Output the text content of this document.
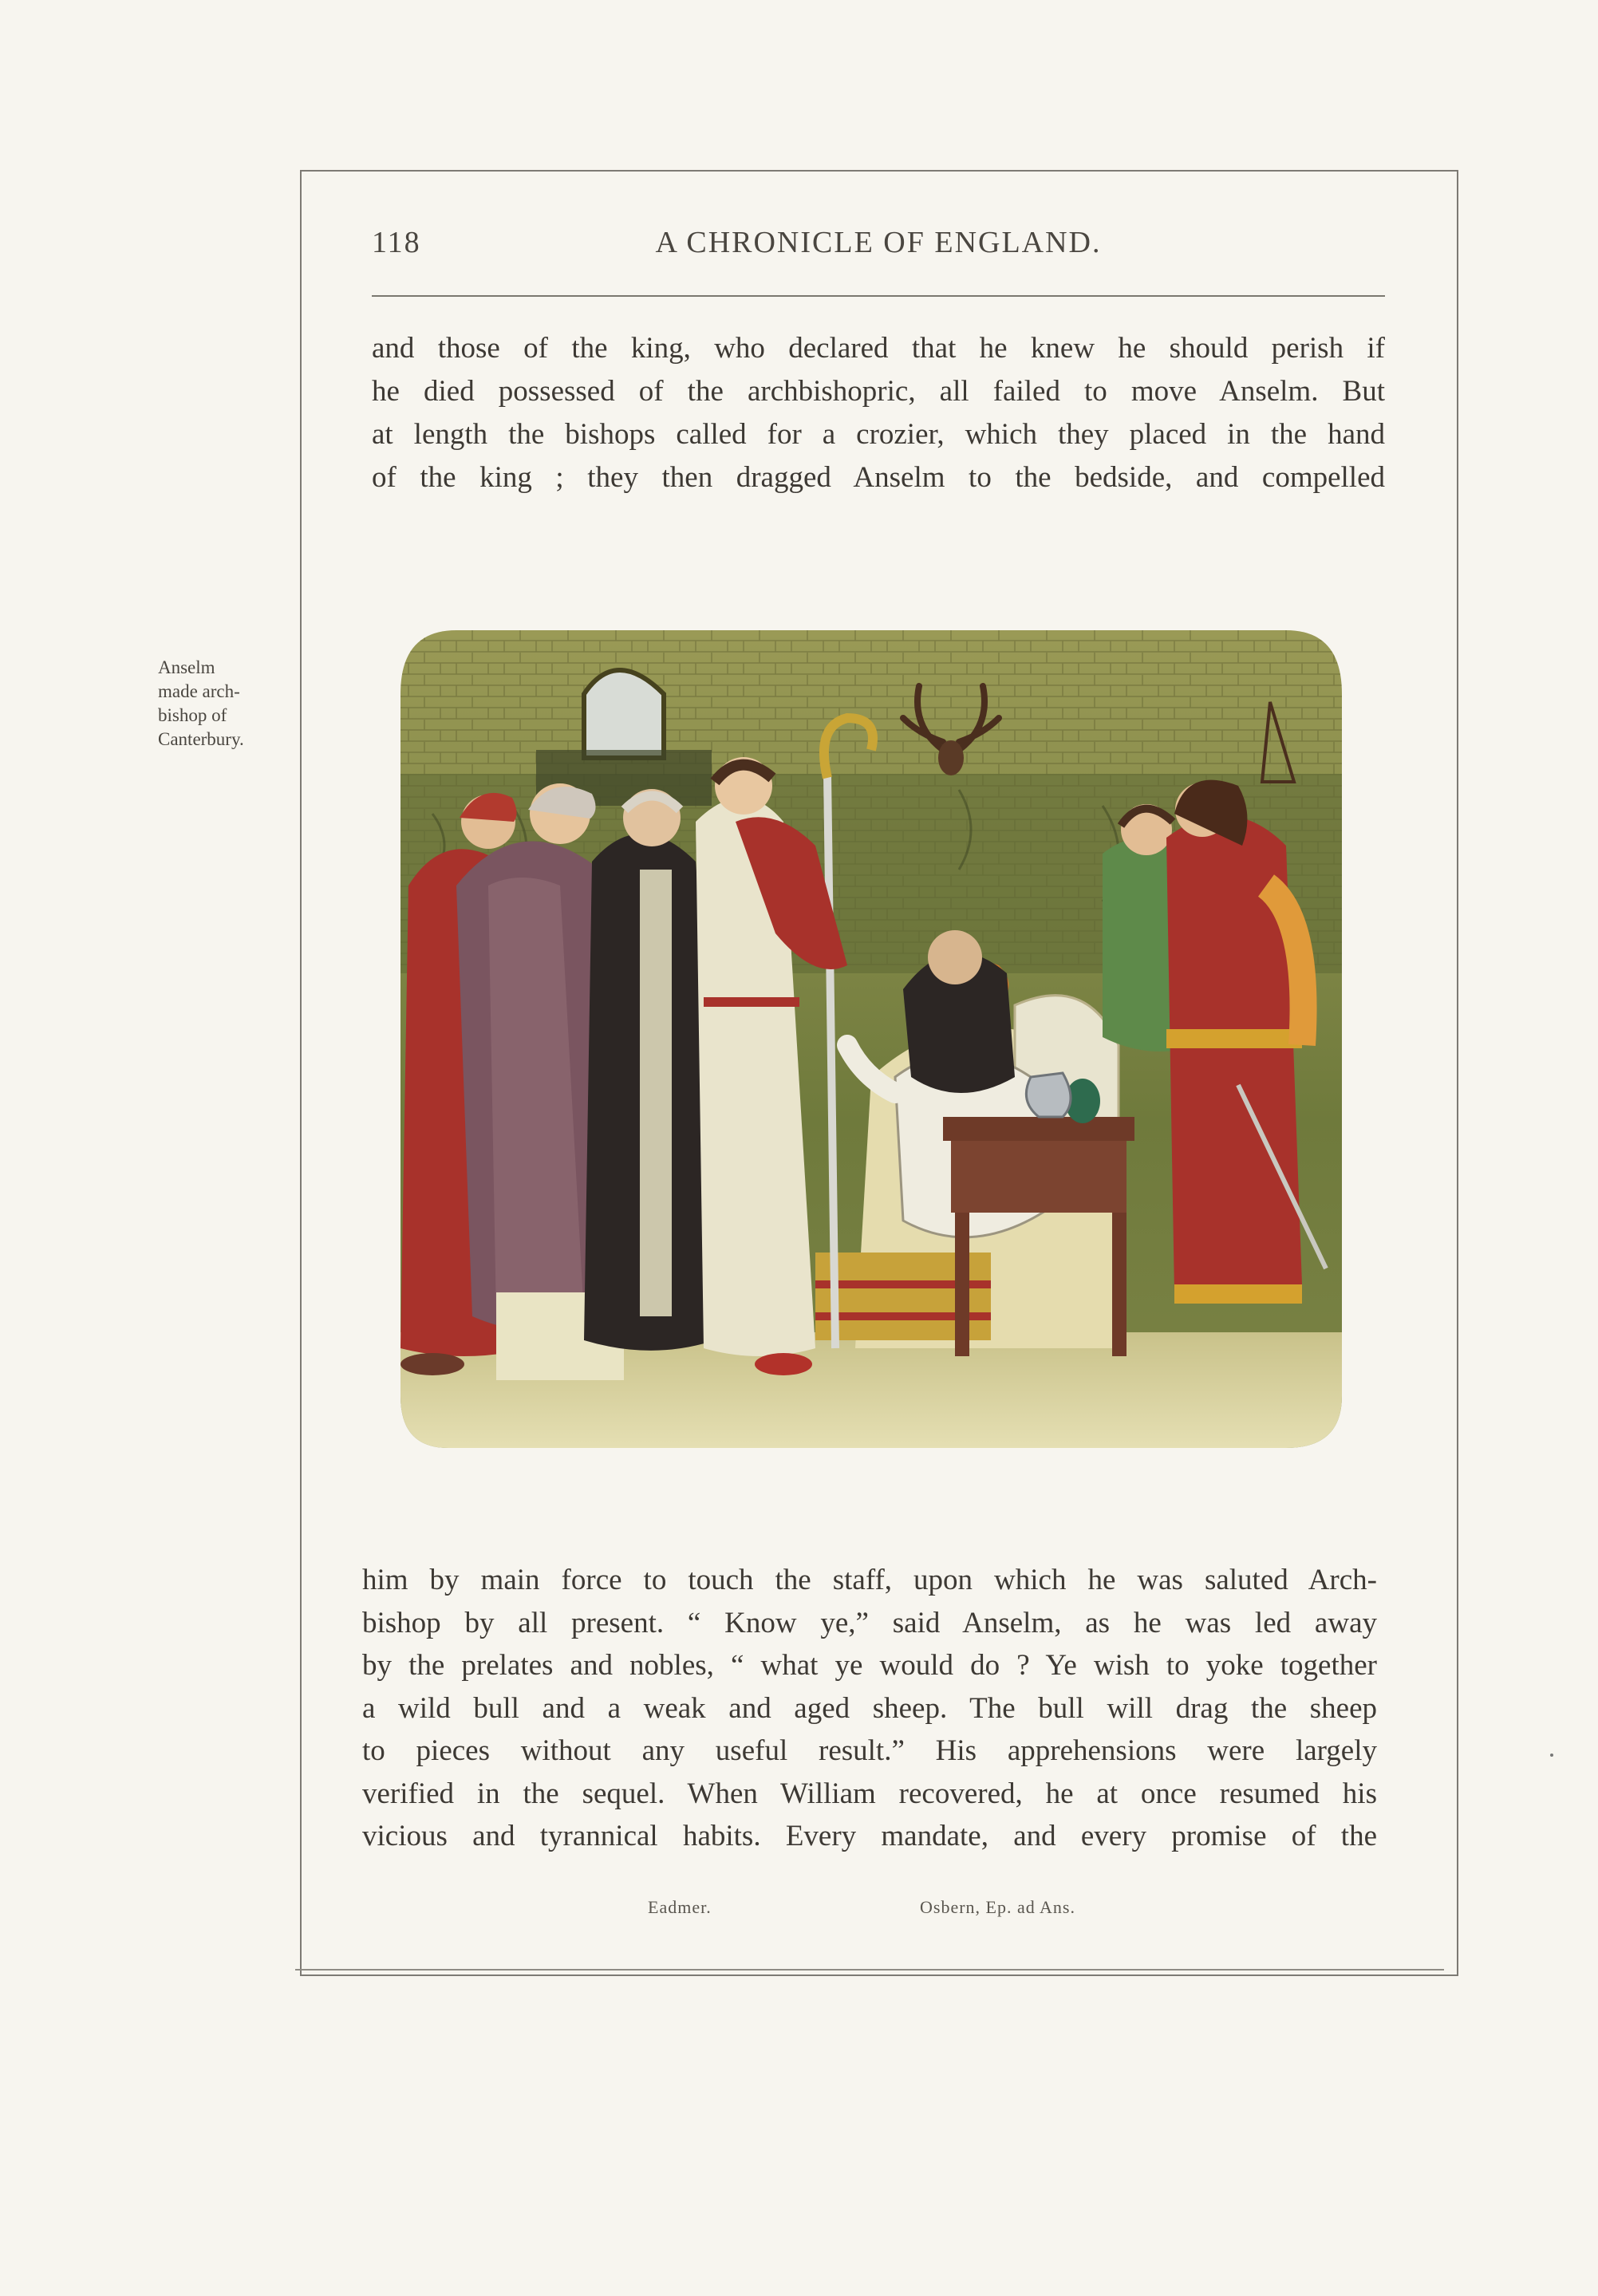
118	A CHRONICLE OF ENGLAND.
and those of the king, who declared that he knew he should perish if
he died possessed of the archbishopric, all failed to move Anselm. But
at length the bishops called for a crozier, which they placed in the hand
of the king ; they then dragged Anselm to the bedside, and compelled
Anselm
made arch-
bishop of
Canterbury.
him by main force to touch the staff, upon which he was saluted Arch-
bishop by all present. “ Know ye,” said Anselm, as he was led away
by the prelates and nobles, “ what ye would do ? Ye wish to yoke together
a wild bull and a weak and aged sheep. The bull will drag the sheep
to pieces without any useful result.” His apprehensions were largely
verified in the sequel. When William recovered, he at once resumed his
vicious and tyrannical habits. Every mandate, and every promise of the
Eadmer.	Osbern, Ep. ad Ans.
